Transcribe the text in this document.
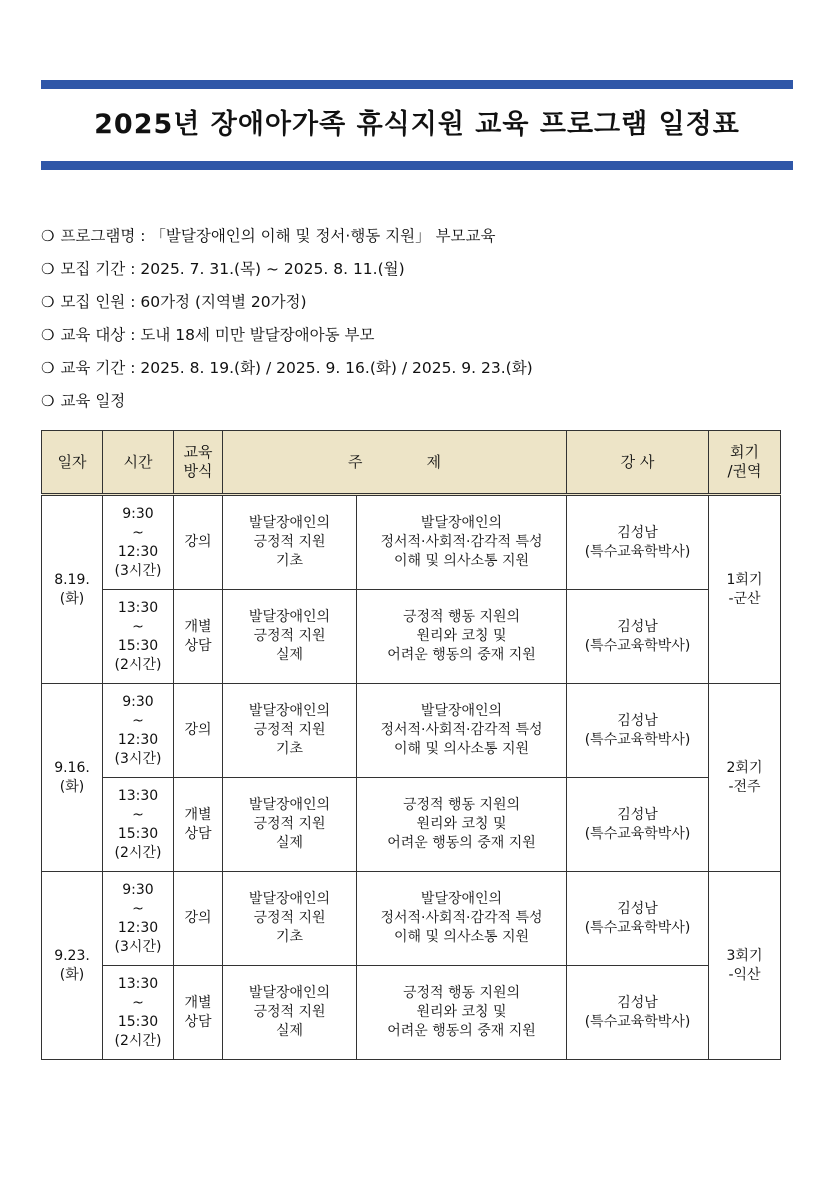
2025년 장애아가족 휴식지원 교육 프로그램 일정표
❍ 프로그램명 : 「발달장애인의 이해 및 정서·행동 지원」 부모교육
❍ 모집 기간 : 2025. 7. 31.(목) ~ 2025. 8. 11.(월)
❍ 모집 인원 : 60가정 (지역별 20가정)
❍ 교육 대상 : 도내 18세 미만 발달장애아동 부모
❍ 교육 기간 : 2025. 8. 19.(화) / 2025. 9. 16.(화) / 2025. 9. 23.(화)
❍ 교육 일정
일자	시간	교육
방식	주 제		강 사	회기
/권역
8.19.
(화)	9:30
~
12:30
(3시간)	강의	발달장애인의
긍정적 지원
기초	발달장애인의
정서적·사회적·감각적 특성
이해 및 의사소통 지원	김성남
(특수교육학박사)	1회기
-군산
	13:30
~
15:30
(2시간)	개별
상담	발달장애인의
긍정적 지원
실제	긍정적 행동 지원의
원리와 코칭 및
어려운 행동의 중재 지원	김성남
(특수교육학박사)	
9.16.
(화)	9:30
~
12:30
(3시간)	강의	발달장애인의
긍정적 지원
기초	발달장애인의
정서적·사회적·감각적 특성
이해 및 의사소통 지원	김성남
(특수교육학박사)	2회기
-전주
	13:30
~
15:30
(2시간)	개별
상담	발달장애인의
긍정적 지원
실제	긍정적 행동 지원의
원리와 코칭 및
어려운 행동의 중재 지원	김성남
(특수교육학박사)	
9.23.
(화)	9:30
~
12:30
(3시간)	강의	발달장애인의
긍정적 지원
기초	발달장애인의
정서적·사회적·감각적 특성
이해 및 의사소통 지원	김성남
(특수교육학박사)	3회기
-익산
	13:30
~
15:30
(2시간)	개별
상담	발달장애인의
긍정적 지원
실제	긍정적 행동 지원의
원리와 코칭 및
어려운 행동의 중재 지원	김성남
(특수교육학박사)	
